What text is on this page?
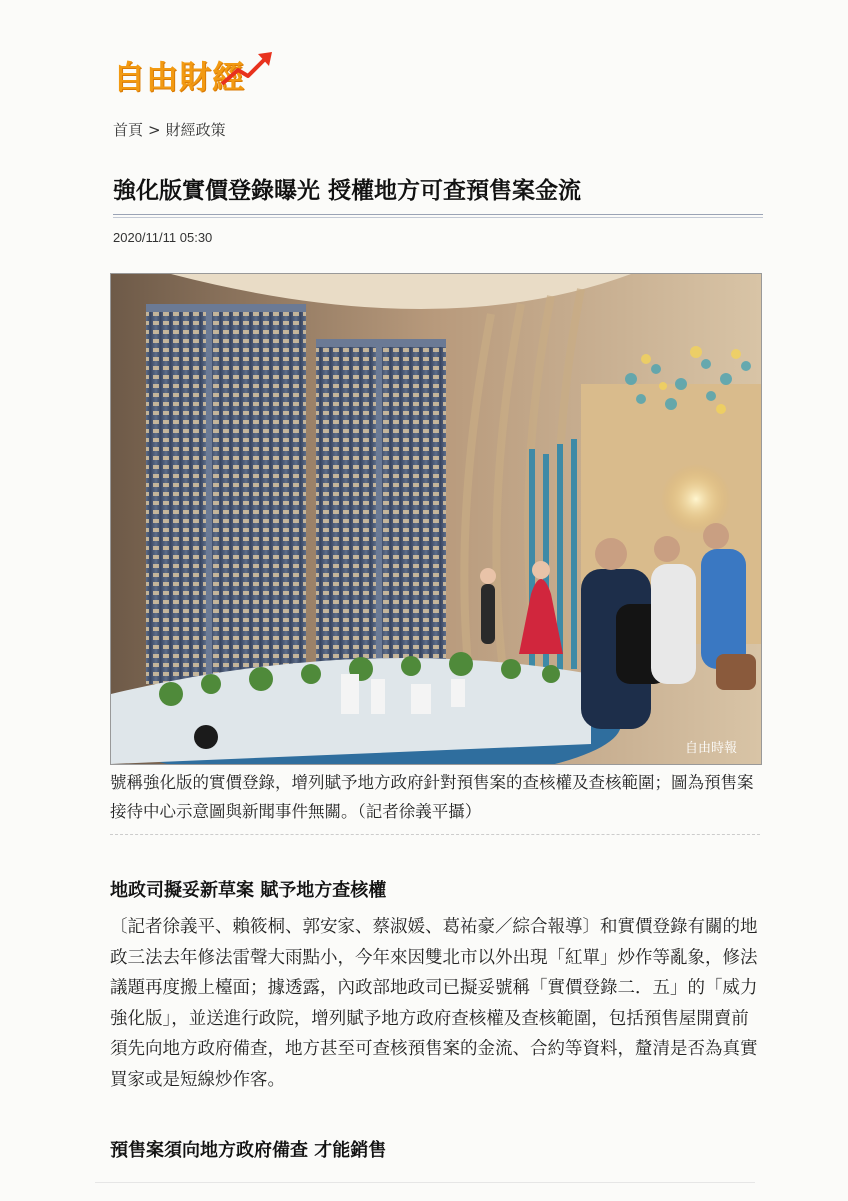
自由財經
首頁 > 財經政策
強化版實價登錄曝光 授權地方可查預售案金流
2020/11/11 05:30
自由時報
號稱強化版的實價登錄，增列賦予地方政府針對預售案的查核權及查核範圍；圖為預售案接待中心示意圖與新聞事件無關。（記者徐義平攝）
地政司擬妥新草案 賦予地方查核權

〔記者徐義平、賴筱桐、郭安家、蔡淑媛、葛祐豪／綜合報導〕和實價登錄有關的地政三法去年修法雷聲大雨點小，今年來因雙北市以外出現「紅單」炒作等亂象，修法議題再度搬上檯面；據透露，內政部地政司已擬妥號稱「實價登錄二．五」的「威力強化版」，並送進行政院，增列賦予地方政府查核權及查核範圍，包括預售屋開賣前須先向地方政府備查，地方甚至可查核預售案的金流、合約等資料，釐清是否為真實買家或是短線炒作客。

預售案須向地方政府備查 才能銷售
